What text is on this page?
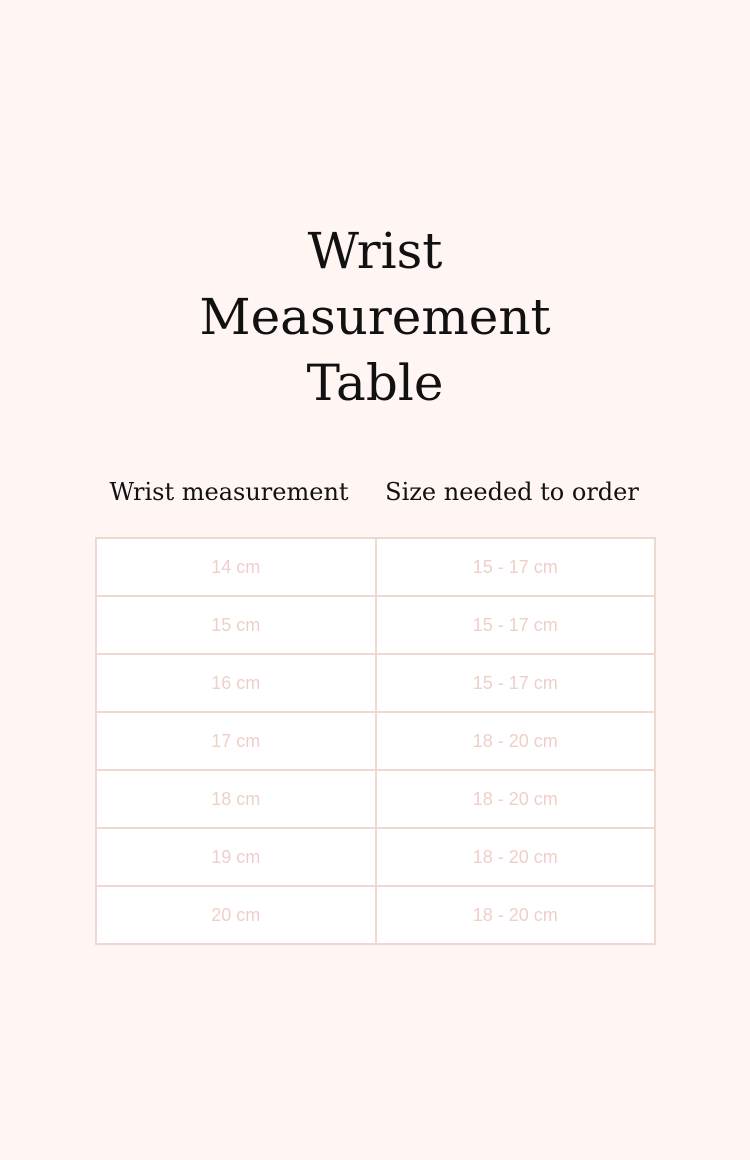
Wrist
Measurement
Table
Wrist measurement	Size needed to order
14 cm	15 - 17 cm
15 cm	15 - 17 cm
16 cm	15 - 17 cm
17 cm	18 - 20 cm
18 cm	18 - 20 cm
19 cm	18 - 20 cm
20 cm	18 - 20 cm
